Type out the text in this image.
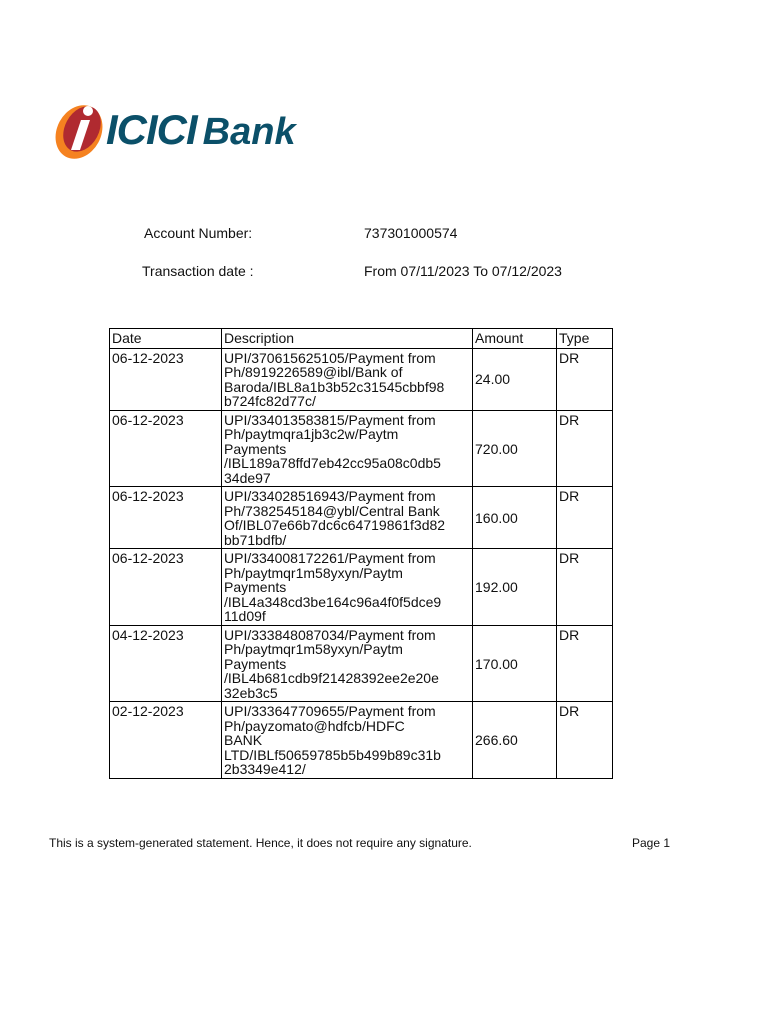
ICICI Bank
Account Number:	737301000574
Transaction date :	From 07/11/2023 To 07/12/2023
Date	Description	Amount	Type
06-12-2023	UPI/370615625105/Payment from
Ph/8919226589@ibl/Bank of
Baroda/IBL8a1b3b52c31545cbbf98
b724fc82d77c/	24.00	DR
06-12-2023	UPI/334013583815/Payment from
Ph/paytmqra1jb3c2w/Paytm
Payments
/IBL189a78ffd7eb42cc95a08c0db5
34de97	720.00	DR
06-12-2023	UPI/334028516943/Payment from
Ph/7382545184@ybl/Central Bank
Of/IBL07e66b7dc6c64719861f3d82
bb71bdfb/	160.00	DR
06-12-2023	UPI/334008172261/Payment from
Ph/paytmqr1m58yxyn/Paytm
Payments
/IBL4a348cd3be164c96a4f0f5dce9
11d09f	192.00	DR
04-12-2023	UPI/333848087034/Payment from
Ph/paytmqr1m58yxyn/Paytm
Payments
/IBL4b681cdb9f21428392ee2e20e
32eb3c5	170.00	DR
02-12-2023	UPI/333647709655/Payment from
Ph/payzomato@hdfcb/HDFC
BANK
LTD/IBLf50659785b5b499b89c31b
2b3349e412/	266.60	DR
This is a system-generated statement. Hence, it does not require any signature.	Page 1
